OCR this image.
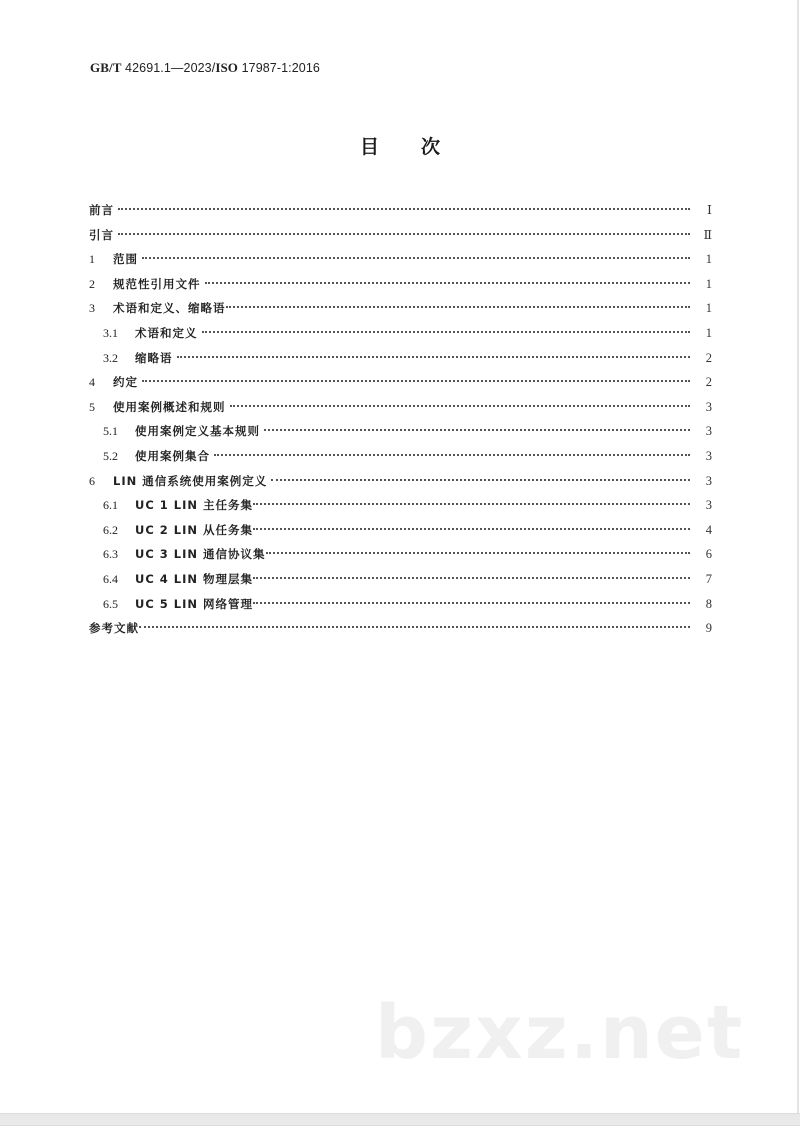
GB/T 42691.1—2023/ISO 17987-1:2016
目次
前言	Ⅰ
引言	Ⅱ
1	范围	1
2	规范性引用文件	1
3	术语和定义、缩略语	1
3.1	术语和定义	1
3.2	缩略语	2
4	约定	2
5	使用案例概述和规则	3
5.1	使用案例定义基本规则	3
5.2	使用案例集合	3
6	LIN 通信系统使用案例定义	3
6.1	UC 1 LIN 主任务集	3
6.2	UC 2 LIN 从任务集	4
6.3	UC 3 LIN 通信协议集	6
6.4	UC 4 LIN 物理层集	7
6.5	UC 5 LIN 网络管理	8
参考文献	9
bzxz.net
